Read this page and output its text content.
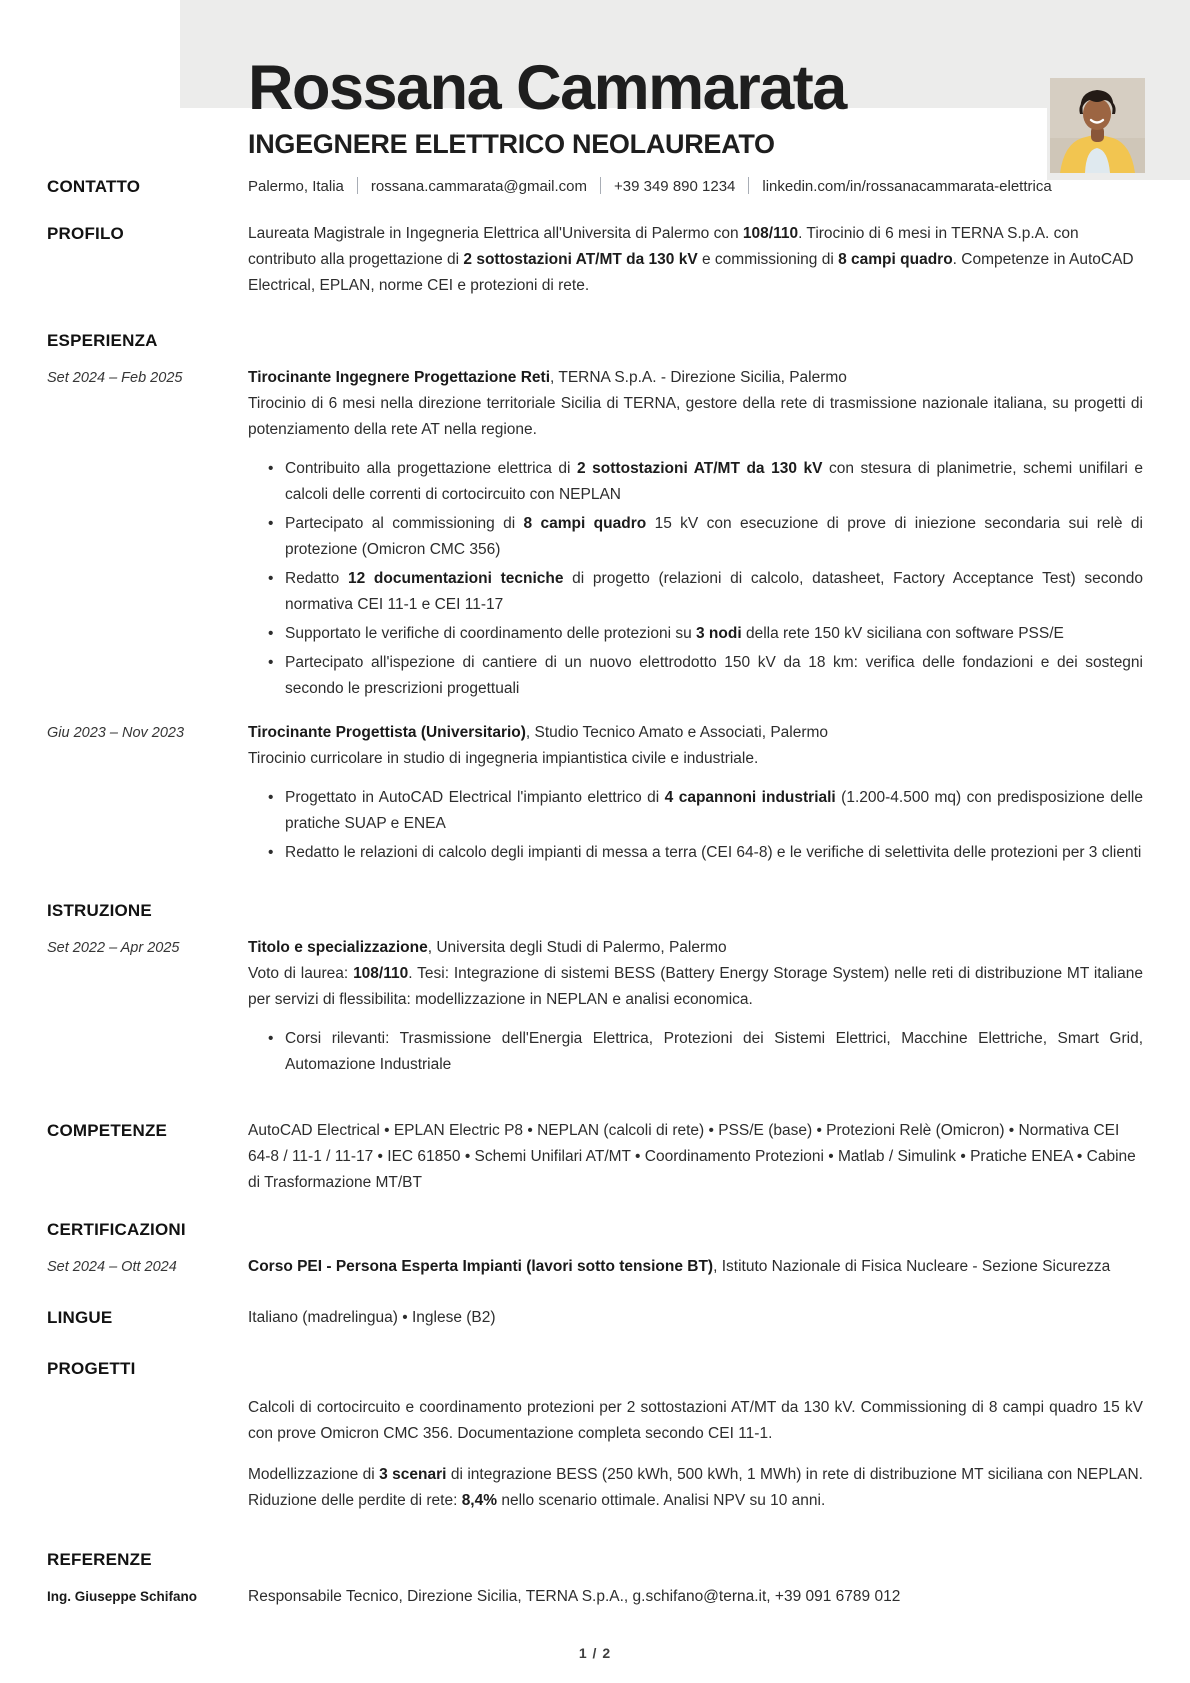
Rossana Cammarata
INGEGNERE ELETTRICO NEOLAUREATO
CONTATTO	Palermo, Italia rossana.cammarata@gmail.com +39 349 890 1234 linkedin.com/in/rossanacammarata-elettrica
PROFILO	Laureata Magistrale in Ingegneria Elettrica all'Universita di Palermo con 108/110. Tirocinio di 6 mesi in TERNA S.p.A. con contributo alla progettazione di 2 sottostazioni AT/MT da 130 kV e commissioning di 8 campi quadro. Competenze in AutoCAD Electrical, EPLAN, norme CEI e protezioni di rete.
ESPERIENZA
Set 2024 – Feb 2025	Tirocinante Ingegnere Progettazione Reti, TERNA S.p.A. - Direzione Sicilia, Palermo
Tirocinio di 6 mesi nella direzione territoriale Sicilia di TERNA, gestore della rete di trasmissione nazionale italiana, su progetti di potenziamento della rete AT nella regione.
• Contribuito alla progettazione elettrica di 2 sottostazioni AT/MT da 130 kV con stesura di planimetrie, schemi unifilari e calcoli delle correnti di cortocircuito con NEPLAN
• Partecipato al commissioning di 8 campi quadro 15 kV con esecuzione di prove di iniezione secondaria sui relè di protezione (Omicron CMC 356)
• Redatto 12 documentazioni tecniche di progetto (relazioni di calcolo, datasheet, Factory Acceptance Test) secondo normativa CEI 11-1 e CEI 11-17
• Supportato le verifiche di coordinamento delle protezioni su 3 nodi della rete 150 kV siciliana con software PSS/E
• Partecipato all'ispezione di cantiere di un nuovo elettrodotto 150 kV da 18 km: verifica delle fondazioni e dei sostegni secondo le prescrizioni progettuali
Giu 2023 – Nov 2023	Tirocinante Progettista (Universitario), Studio Tecnico Amato e Associati, Palermo
Tirocinio curricolare in studio di ingegneria impiantistica civile e industriale.
• Progettato in AutoCAD Electrical l'impianto elettrico di 4 capannoni industriali (1.200-4.500 mq) con predisposizione delle pratiche SUAP e ENEA
• Redatto le relazioni di calcolo degli impianti di messa a terra (CEI 64-8) e le verifiche di selettivita delle protezioni per 3 clienti
ISTRUZIONE
Set 2022 – Apr 2025	Titolo e specializzazione, Universita degli Studi di Palermo, Palermo
Voto di laurea: 108/110. Tesi: Integrazione di sistemi BESS (Battery Energy Storage System) nelle reti di distribuzione MT italiane per servizi di flessibilita: modellizzazione in NEPLAN e analisi economica.
• Corsi rilevanti: Trasmissione dell'Energia Elettrica, Protezioni dei Sistemi Elettrici, Macchine Elettriche, Smart Grid, Automazione Industriale
COMPETENZE	AutoCAD Electrical • EPLAN Electric P8 • NEPLAN (calcoli di rete) • PSS/E (base) • Protezioni Relè (Omicron) • Normativa CEI 64-8 / 11-1 / 11-17 • IEC 61850 • Schemi Unifilari AT/MT • Coordinamento Protezioni • Matlab / Simulink • Pratiche ENEA • Cabine di Trasformazione MT/BT
CERTIFICAZIONI
Set 2024 – Ott 2024	Corso PEI - Persona Esperta Impianti (lavori sotto tensione BT), Istituto Nazionale di Fisica Nucleare - Sezione Sicurezza
LINGUE	Italiano (madrelingua) • Inglese (B2)
PROGETTI
Calcoli di cortocircuito e coordinamento protezioni per 2 sottostazioni AT/MT da 130 kV. Commissioning di 8 campi quadro 15 kV con prove Omicron CMC 356. Documentazione completa secondo CEI 11-1.
Modellizzazione di 3 scenari di integrazione BESS (250 kWh, 500 kWh, 1 MWh) in rete di distribuzione MT siciliana con NEPLAN. Riduzione delle perdite di rete: 8,4% nello scenario ottimale. Analisi NPV su 10 anni.
REFERENZE
Ing. Giuseppe Schifano	Responsabile Tecnico, Direzione Sicilia, TERNA S.p.A., g.schifano@terna.it, +39 091 6789 012
1 / 2
